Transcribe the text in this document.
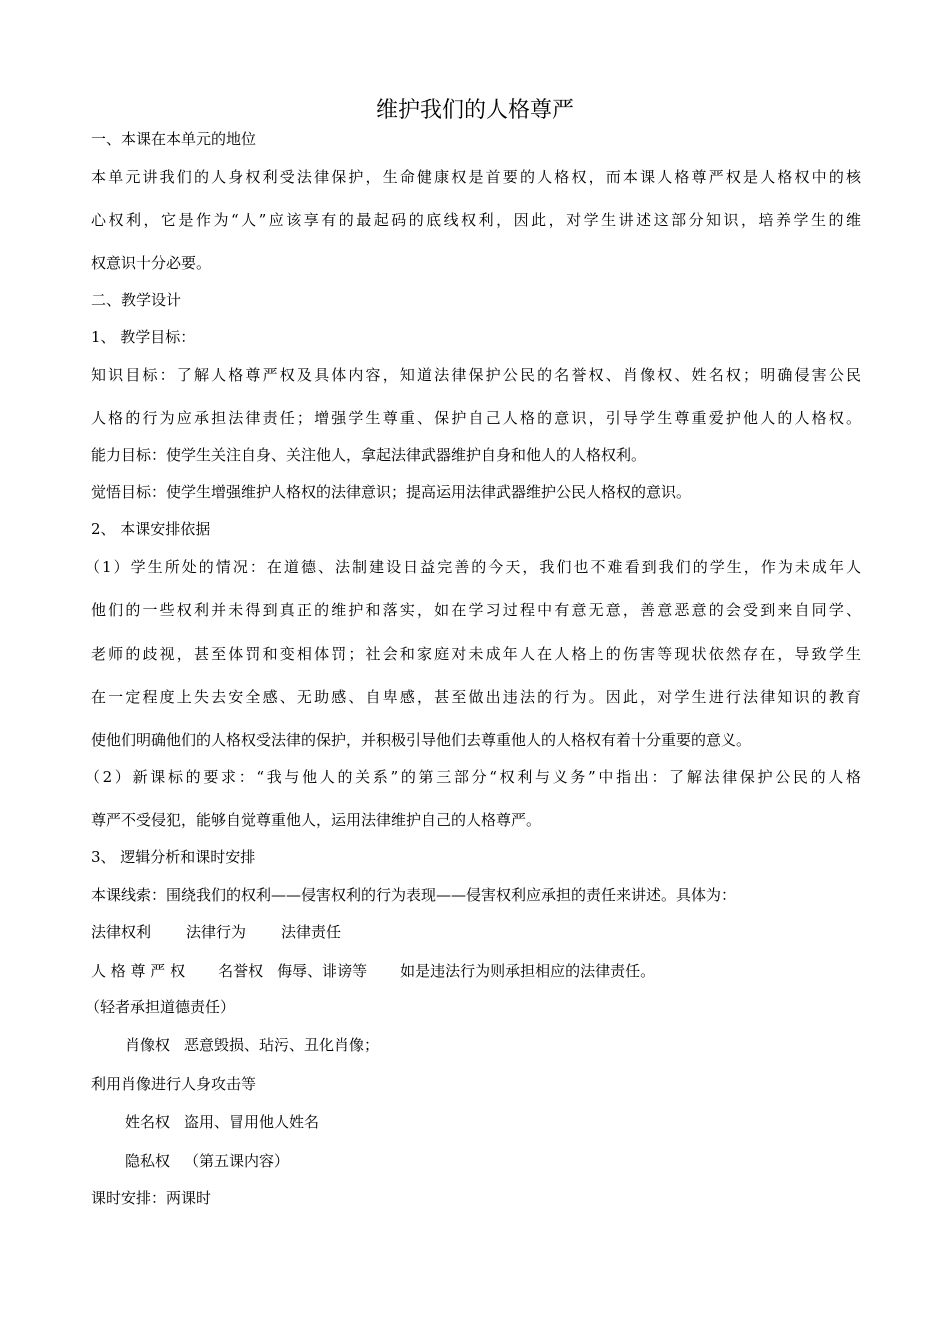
维护我们的人格尊严
一、本课在本单元的地位
本单元讲我们的人身权利受法律保护，生命健康权是首要的人格权，而本课人格尊严权是人格权中的核
心权利，它是作为“人”应该享有的最起码的底线权利，因此，对学生讲述这部分知识，培养学生的维
权意识十分必要。
二、教学设计
1、 教学目标：
知识目标：了解人格尊严权及具体内容，知道法律保护公民的名誉权、肖像权、姓名权；明确侵害公民
人格的行为应承担法律责任；增强学生尊重、保护自己人格的意识，引导学生尊重爱护他人的人格权。
能力目标：使学生关注自身、关注他人，拿起法律武器维护自身和他人的人格权利。
觉悟目标：使学生增强维护人格权的法律意识；提高运用法律武器维护公民人格权的意识。
2、 本课安排依据
（1）学生所处的情况：在道德、法制建设日益完善的今天，我们也不难看到我们的学生，作为未成年人
他们的一些权利并未得到真正的维护和落实，如在学习过程中有意无意，善意恶意的会受到来自同学、
老师的歧视，甚至体罚和变相体罚；社会和家庭对未成年人在人格上的伤害等现状依然存在，导致学生
在一定程度上失去安全感、无助感、自卑感，甚至做出违法的行为。因此，对学生进行法律知识的教育
使他们明确他们的人格权受法律的保护，并积极引导他们去尊重他人的人格权有着十分重要的意义。
（2）新课标的要求：“我与他人的关系”的第三部分“权利与义务”中指出：了解法律保护公民的人格
尊严不受侵犯，能够自觉尊重他人，运用法律维护自己的人格尊严。
3、 逻辑分析和课时安排
本课线索：围绕我们的权利——侵害权利的行为表现——侵害权利应承担的责任来讲述。具体为：
法律权利 法律行为 法律责任
人 格 尊 严 权 名誉权 侮辱、诽谤等 如是违法行为则承担相应的法律责任。
（轻者承担道德责任）
肖像权 恶意毁损、玷污、丑化肖像；
利用肖像进行人身攻击等
姓名权 盗用、冒用他人姓名
隐私权 （第五课内容）
课时安排：两课时
